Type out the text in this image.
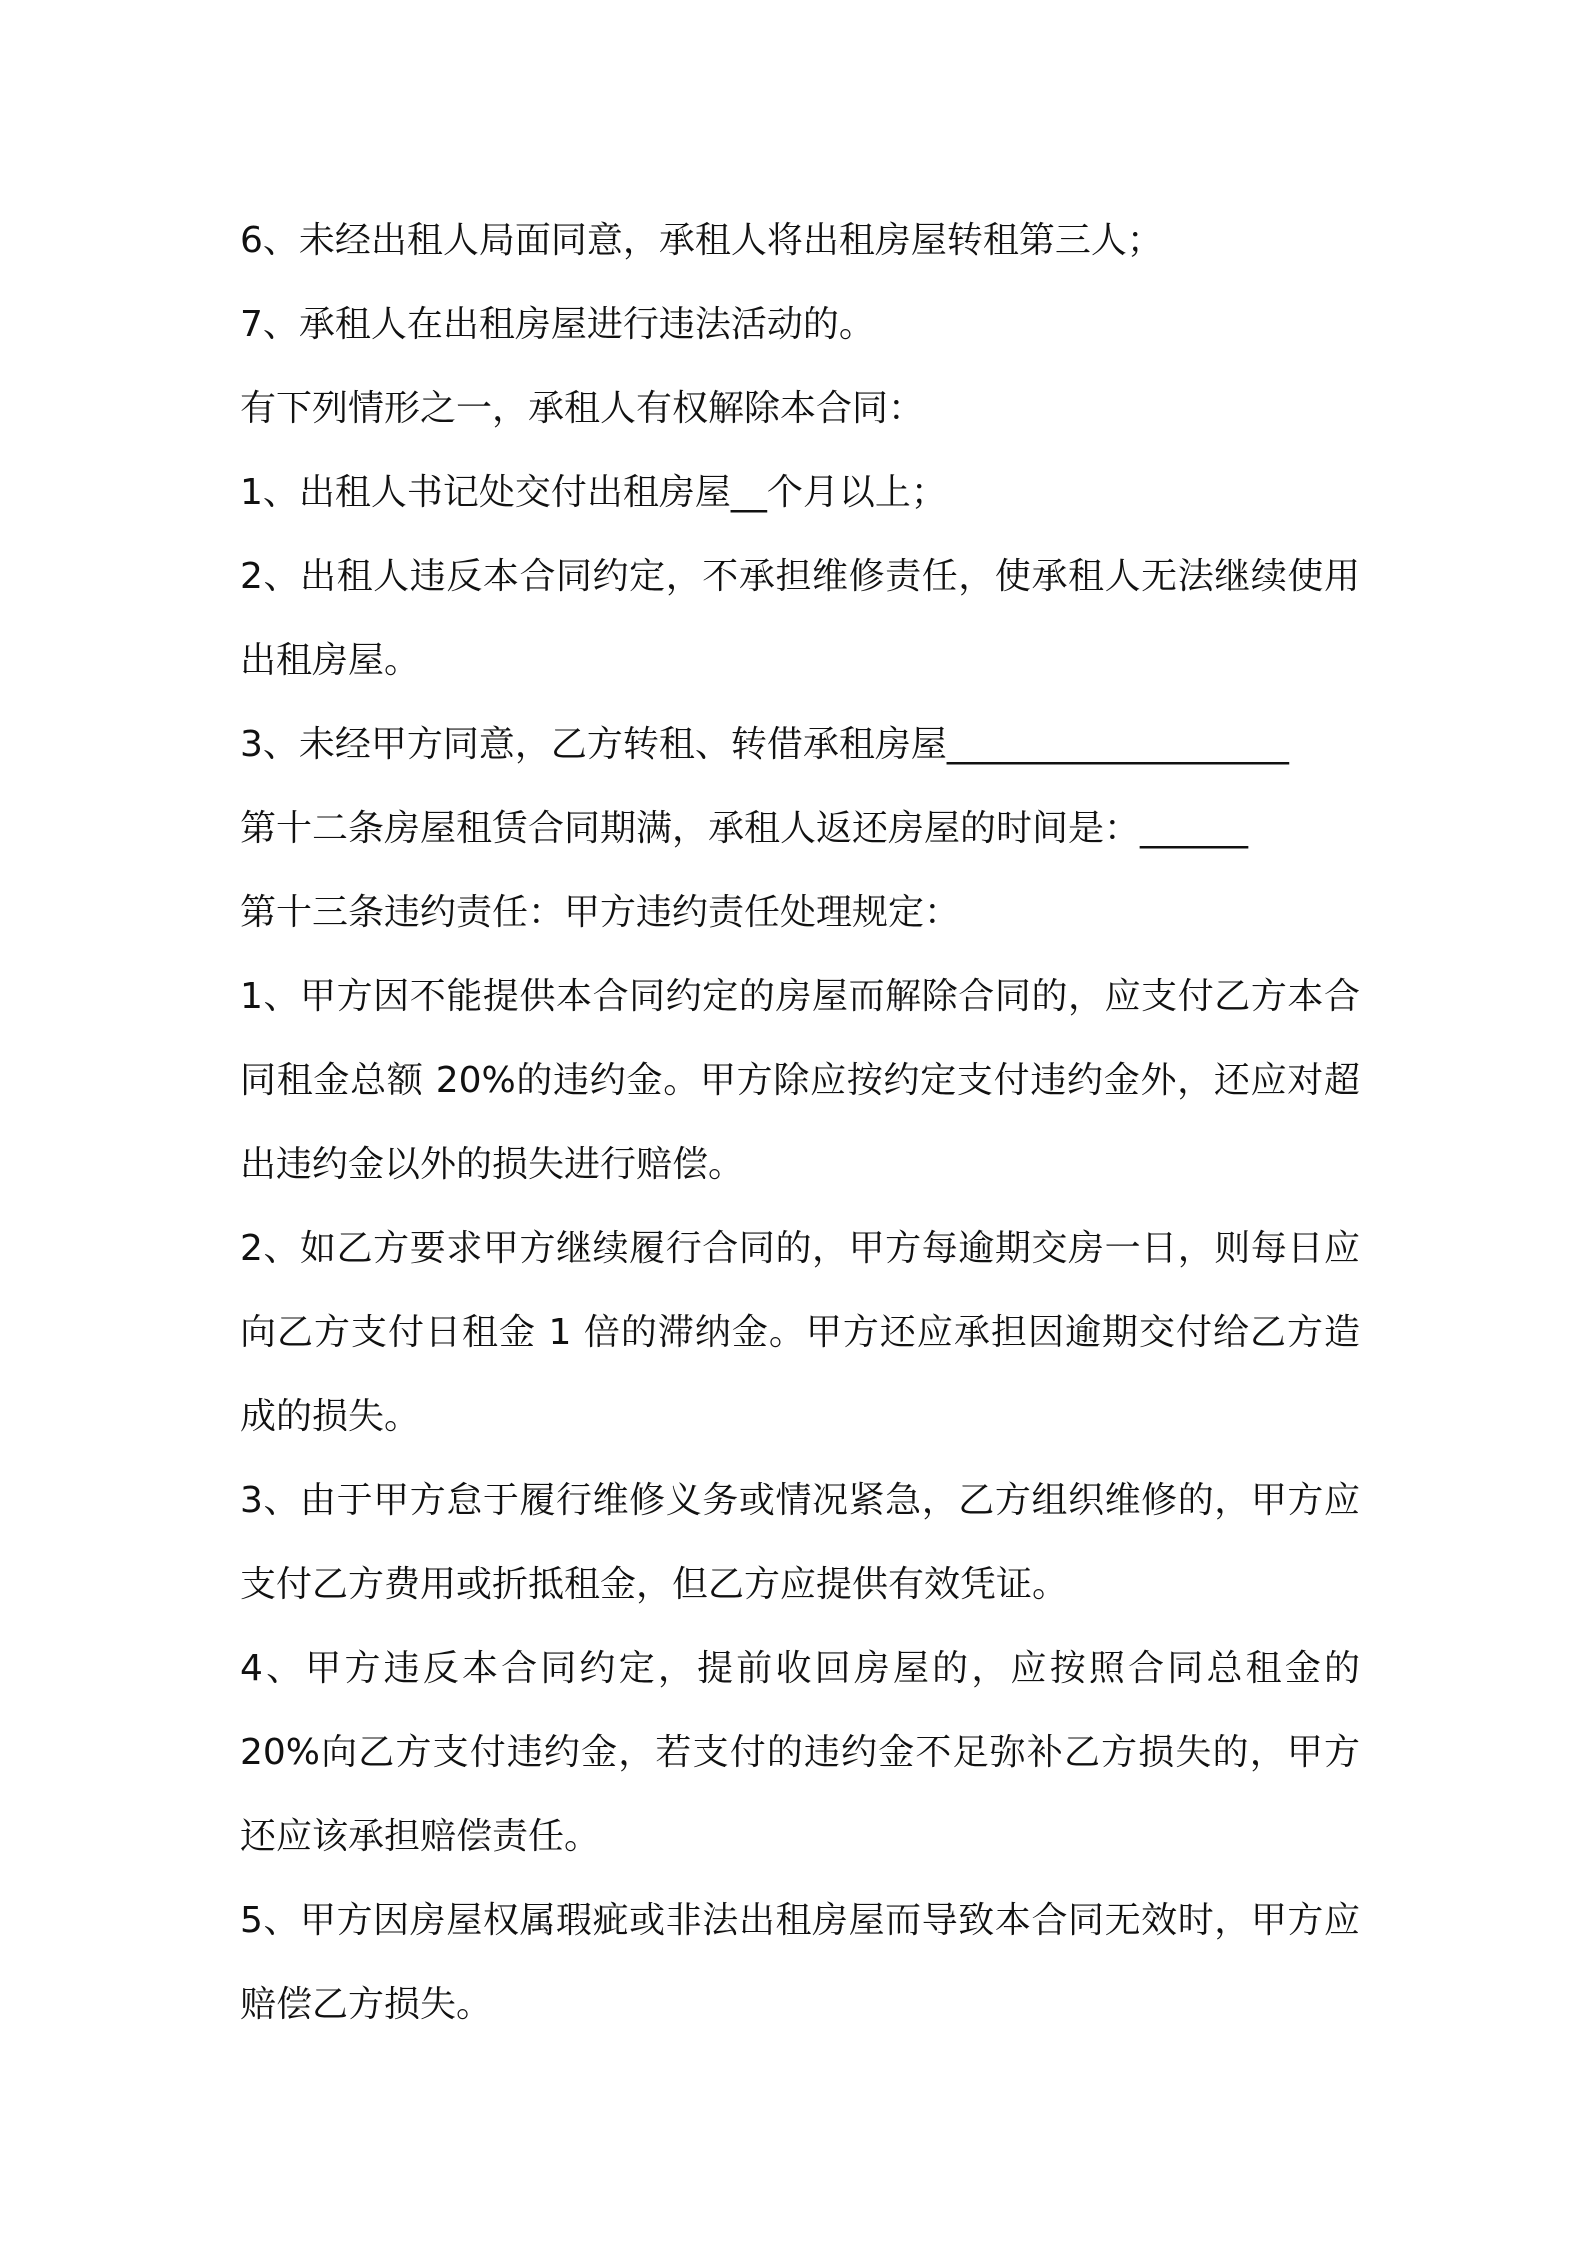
6、未经出租人局面同意，承租人将出租房屋转租第三人；

7、承租人在出租房屋进行违法活动的。

有下列情形之一，承租人有权解除本合同：

1、出租人书记处交付出租房屋__个月以上；

2、出租人违反本合同约定，不承担维修责任，使承租人无法继续使用出租房屋。

3、未经甲方同意，乙方转租、转借承租房屋___________________

第十二条房屋租赁合同期满，承租人返还房屋的时间是：______

第十三条违约责任：甲方违约责任处理规定：

1、甲方因不能提供本合同约定的房屋而解除合同的，应支付乙方本合同租金总额 20%的违约金。甲方除应按约定支付违约金外，还应对超出违约金以外的损失进行赔偿。

2、如乙方要求甲方继续履行合同的，甲方每逾期交房一日，则每日应向乙方支付日租金 1 倍的滞纳金。甲方还应承担因逾期交付给乙方造成的损失。

3、由于甲方怠于履行维修义务或情况紧急，乙方组织维修的，甲方应支付乙方费用或折抵租金，但乙方应提供有效凭证。

4、甲方违反本合同约定，提前收回房屋的，应按照合同总租金的 20%向乙方支付违约金，若支付的违约金不足弥补乙方损失的，甲方还应该承担赔偿责任。

5、甲方因房屋权属瑕疵或非法出租房屋而导致本合同无效时，甲方应赔偿乙方损失。
